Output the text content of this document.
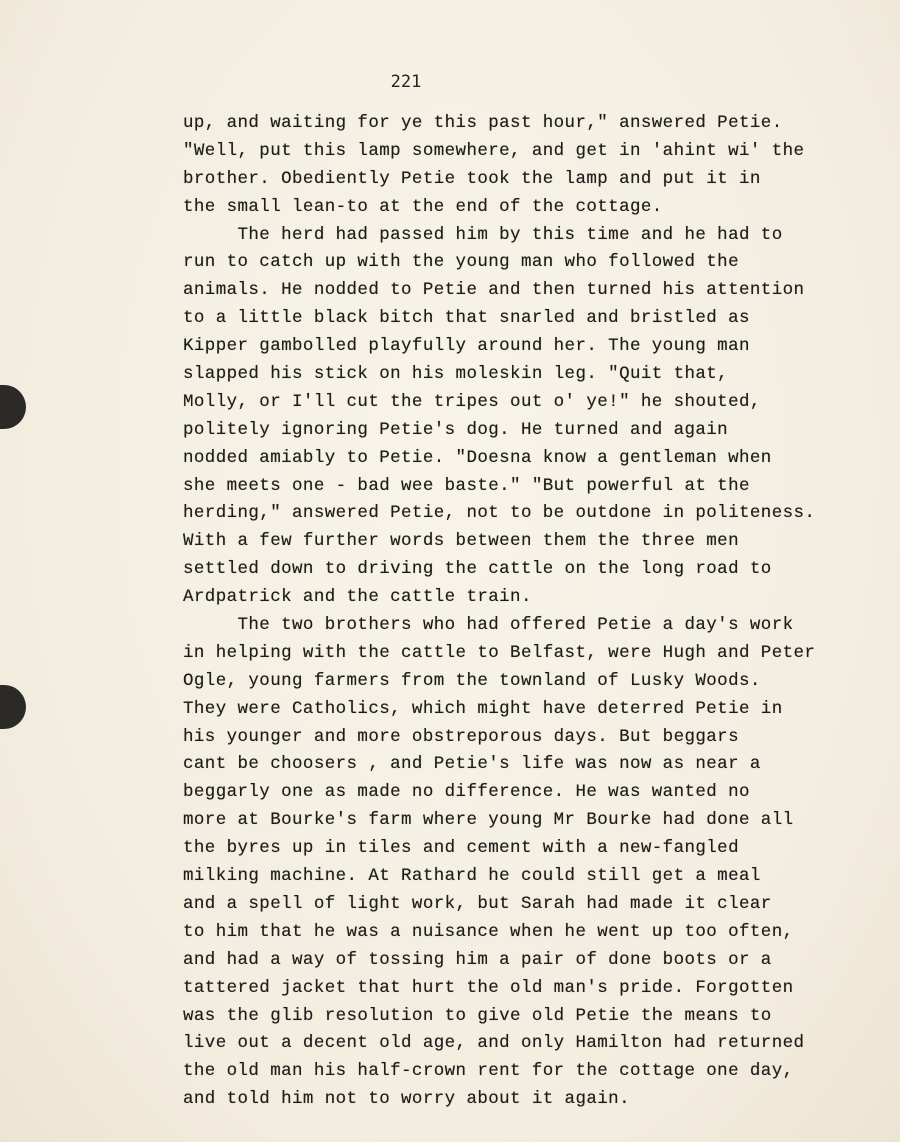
221
up, and waiting for ye this past hour," answered Petie.
"Well, put this lamp somewhere, and get in 'ahint wi' the
brother. Obediently Petie took the lamp and put it in
the small lean-to at the end of the cottage.
The herd had passed him by this time and he had to
run to catch up with the young man who followed the
animals. He nodded to Petie and then turned his attention
to a little black bitch that snarled and bristled as
Kipper gambolled playfully around her. The young man
slapped his stick on his moleskin leg. "Quit that,
Molly, or I'll cut the tripes out o' ye!" he shouted,
politely ignoring Petie's dog. He turned and again
nodded amiably to Petie. "Doesna know a gentleman when
she meets one - bad wee baste." "But powerful at the
herding," answered Petie, not to be outdone in politeness.
With a few further words between them the three men
settled down to driving the cattle on the long road to
Ardpatrick and the cattle train.
The two brothers who had offered Petie a day's work
in helping with the cattle to Belfast, were Hugh and Peter
Ogle, young farmers from the townland of Lusky Woods.
They were Catholics, which might have deterred Petie in
his younger and more obstreporous days. But beggars
cant be choosers , and Petie's life was now as near a
beggarly one as made no difference. He was wanted no
more at Bourke's farm where young Mr Bourke had done all
the byres up in tiles and cement with a new-fangled
milking machine. At Rathard he could still get a meal
and a spell of light work, but Sarah had made it clear
to him that he was a nuisance when he went up too often,
and had a way of tossing him a pair of done boots or a
tattered jacket that hurt the old man's pride. Forgotten
was the glib resolution to give old Petie the means to
live out a decent old age, and only Hamilton had returned
the old man his half-crown rent for the cottage one day,
and told him not to worry about it again.
